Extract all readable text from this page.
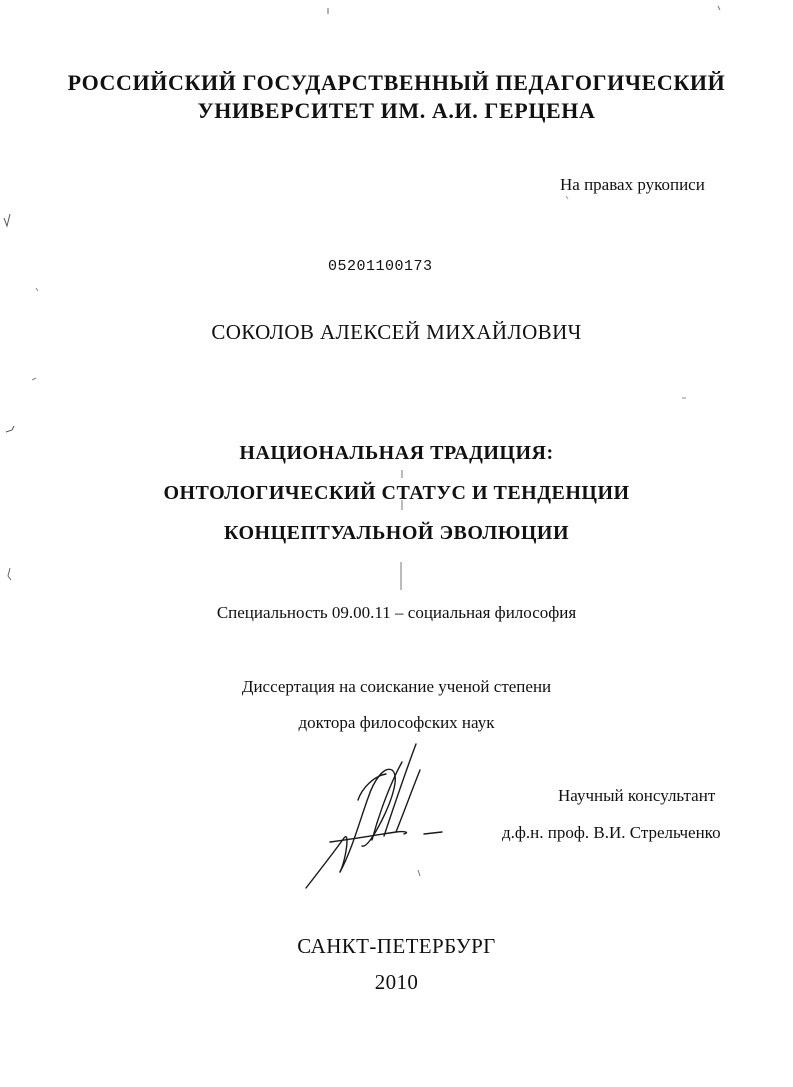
РОССИЙСКИЙ ГОСУДАРСТВЕННЫЙ ПЕДАГОГИЧЕСКИЙ
УНИВЕРСИТЕТ ИМ. А.И. ГЕРЦЕНА
На правах рукописи
05201100173
СОКОЛОВ АЛЕКСЕЙ МИХАЙЛОВИЧ
НАЦИОНАЛЬНАЯ ТРАДИЦИЯ:
ОНТОЛОГИЧЕСКИЙ СТАТУС И ТЕНДЕНЦИИ
КОНЦЕПТУАЛЬНОЙ ЭВОЛЮЦИИ
Специальность 09.00.11 – социальная философия
Диссертация на соискание ученой степени
доктора философских наук
Научный консультант
д.ф.н. проф. В.И. Стрельченко
САНКТ-ПЕТЕРБУРГ
2010
